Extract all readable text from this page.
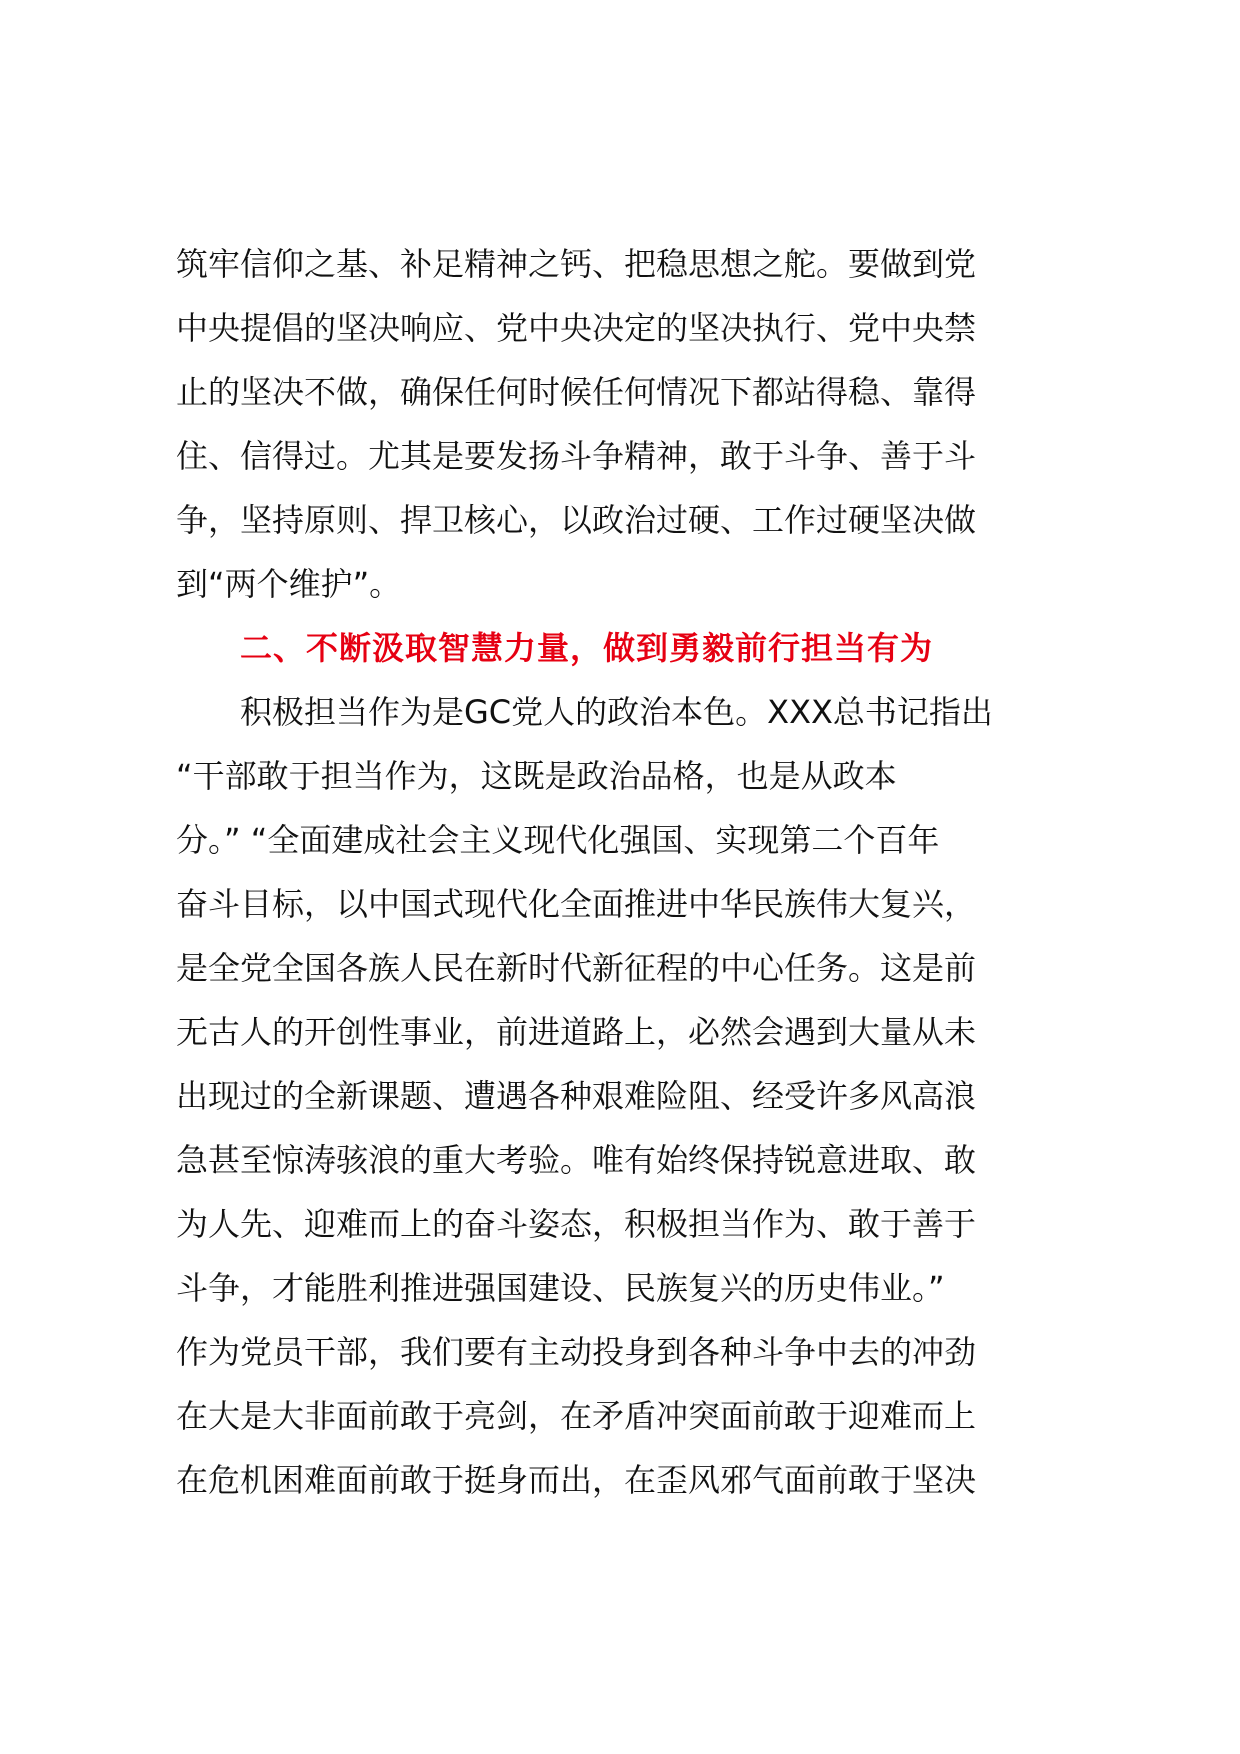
筑牢信仰之基、补足精神之钙、把稳思想之舵。要做到党
中央提倡的坚决响应、党中央决定的坚决执行、党中央禁
止的坚决不做，确保任何时候任何情况下都站得稳、靠得
住、信得过。尤其是要发扬斗争精神，敢于斗争、善于斗
争，坚持原则、捍卫核心，以政治过硬、工作过硬坚决做
到“两个维护”。
二、不断汲取智慧力量，做到勇毅前行担当有为
积极担当作为是GC党人的政治本色。XXX总书记指出
“干部敢于担当作为，这既是政治品格，也是从政本
分。” “全面建成社会主义现代化强国、实现第二个百年
奋斗目标，以中国式现代化全面推进中华民族伟大复兴，
是全党全国各族人民在新时代新征程的中心任务。这是前
无古人的开创性事业，前进道路上，必然会遇到大量从未
出现过的全新课题、遭遇各种艰难险阻、经受许多风高浪
急甚至惊涛骇浪的重大考验。唯有始终保持锐意进取、敢
为人先、迎难而上的奋斗姿态，积极担当作为、敢于善于
斗争，才能胜利推进强国建设、民族复兴的历史伟业。”
作为党员干部，我们要有主动投身到各种斗争中去的冲劲
在大是大非面前敢于亮剑，在矛盾冲突面前敢于迎难而上
在危机困难面前敢于挺身而出，在歪风邪气面前敢于坚决
